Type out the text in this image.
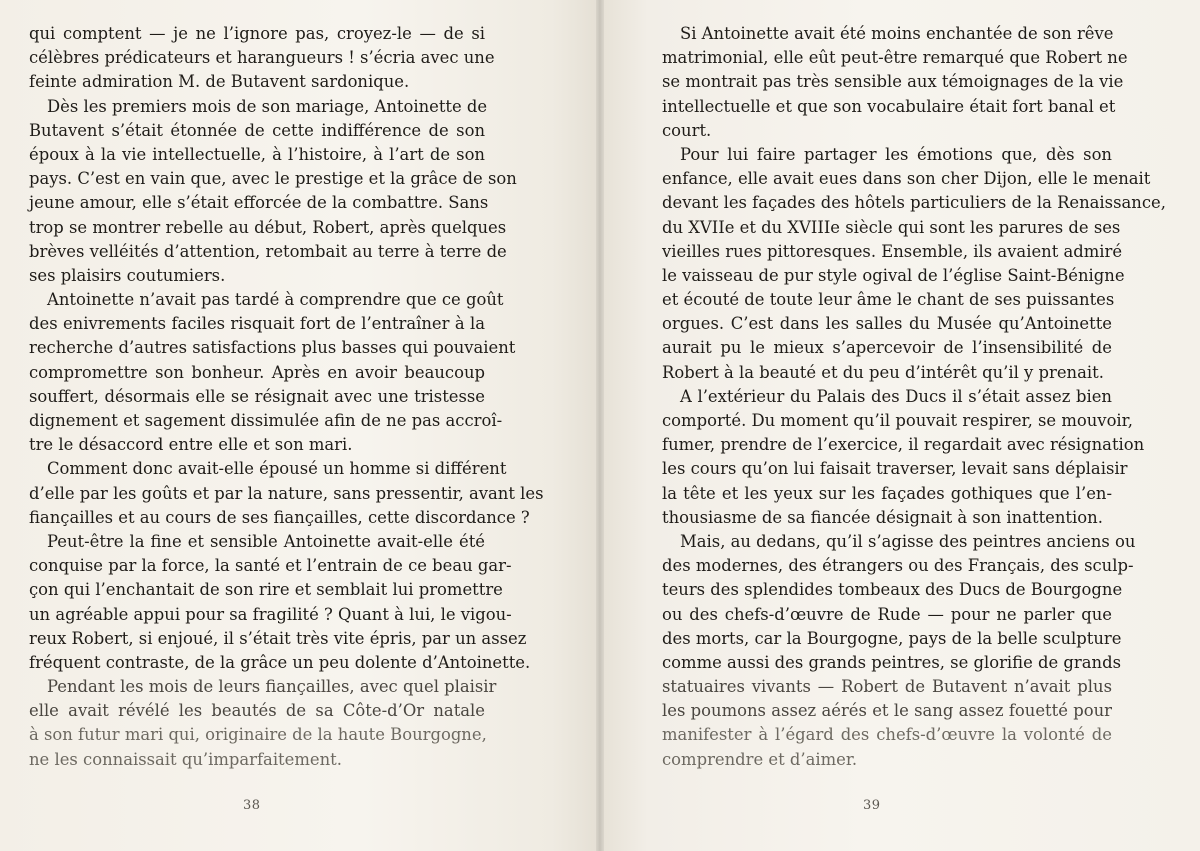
qui comptent — je ne l’ignore pas, croyez-le — de si
célèbres prédicateurs et harangueurs ! s’écria avec une
feinte admiration M. de Butavent sardonique.
Dès les premiers mois de son mariage, Antoinette de
Butavent s’était étonnée de cette indifférence de son
époux à la vie intellectuelle, à l’histoire, à l’art de son
pays. C’est en vain que, avec le prestige et la grâce de son
jeune amour, elle s’était efforcée de la combattre. Sans
trop se montrer rebelle au début, Robert, après quelques
brèves velléités d’attention, retombait au terre à terre de
ses plaisirs coutumiers.
Antoinette n’avait pas tardé à comprendre que ce goût
des enivrements faciles risquait fort de l’entraîner à la
recherche d’autres satisfactions plus basses qui pouvaient
compromettre son bonheur. Après en avoir beaucoup
souffert, désormais elle se résignait avec une tristesse
dignement et sagement dissimulée afin de ne pas accroî-
tre le désaccord entre elle et son mari.
Comment donc avait-elle épousé un homme si différent
d’elle par les goûts et par la nature, sans pressentir, avant les
fiançailles et au cours de ses fiançailles, cette discordance ?
Peut-être la fine et sensible Antoinette avait-elle été
conquise par la force, la santé et l’entrain de ce beau gar-
çon qui l’enchantait de son rire et semblait lui promettre
un agréable appui pour sa fragilité ? Quant à lui, le vigou-
reux Robert, si enjoué, il s’était très vite épris, par un assez
fréquent contraste, de la grâce un peu dolente d’Antoinette.
Pendant les mois de leurs fiançailles, avec quel plaisir
elle avait révélé les beautés de sa Côte-d’Or natale
à son futur mari qui, originaire de la haute Bourgogne,
ne les connaissait qu’imparfaitement.
38
Si Antoinette avait été moins enchantée de son rêve
matrimonial, elle eût peut-être remarqué que Robert ne
se montrait pas très sensible aux témoignages de la vie
intellectuelle et que son vocabulaire était fort banal et
court.
Pour lui faire partager les émotions que, dès son
enfance, elle avait eues dans son cher Dijon, elle le menait
devant les façades des hôtels particuliers de la Renaissance,
du XVIIe et du XVIIIe siècle qui sont les parures de ses
vieilles rues pittoresques. Ensemble, ils avaient admiré
le vaisseau de pur style ogival de l’église Saint-Bénigne
et écouté de toute leur âme le chant de ses puissantes
orgues. C’est dans les salles du Musée qu’Antoinette
aurait pu le mieux s’apercevoir de l’insensibilité de
Robert à la beauté et du peu d’intérêt qu’il y prenait.
A l’extérieur du Palais des Ducs il s’était assez bien
comporté. Du moment qu’il pouvait respirer, se mouvoir,
fumer, prendre de l’exercice, il regardait avec résignation
les cours qu’on lui faisait traverser, levait sans déplaisir
la tête et les yeux sur les façades gothiques que l’en-
thousiasme de sa fiancée désignait à son inattention.
Mais, au dedans, qu’il s’agisse des peintres anciens ou
des modernes, des étrangers ou des Français, des sculp-
teurs des splendides tombeaux des Ducs de Bourgogne
ou des chefs-d’œuvre de Rude — pour ne parler que
des morts, car la Bourgogne, pays de la belle sculpture
comme aussi des grands peintres, se glorifie de grands
statuaires vivants — Robert de Butavent n’avait plus
les poumons assez aérés et le sang assez fouetté pour
manifester à l’égard des chefs-d’œuvre la volonté de
comprendre et d’aimer.
39
